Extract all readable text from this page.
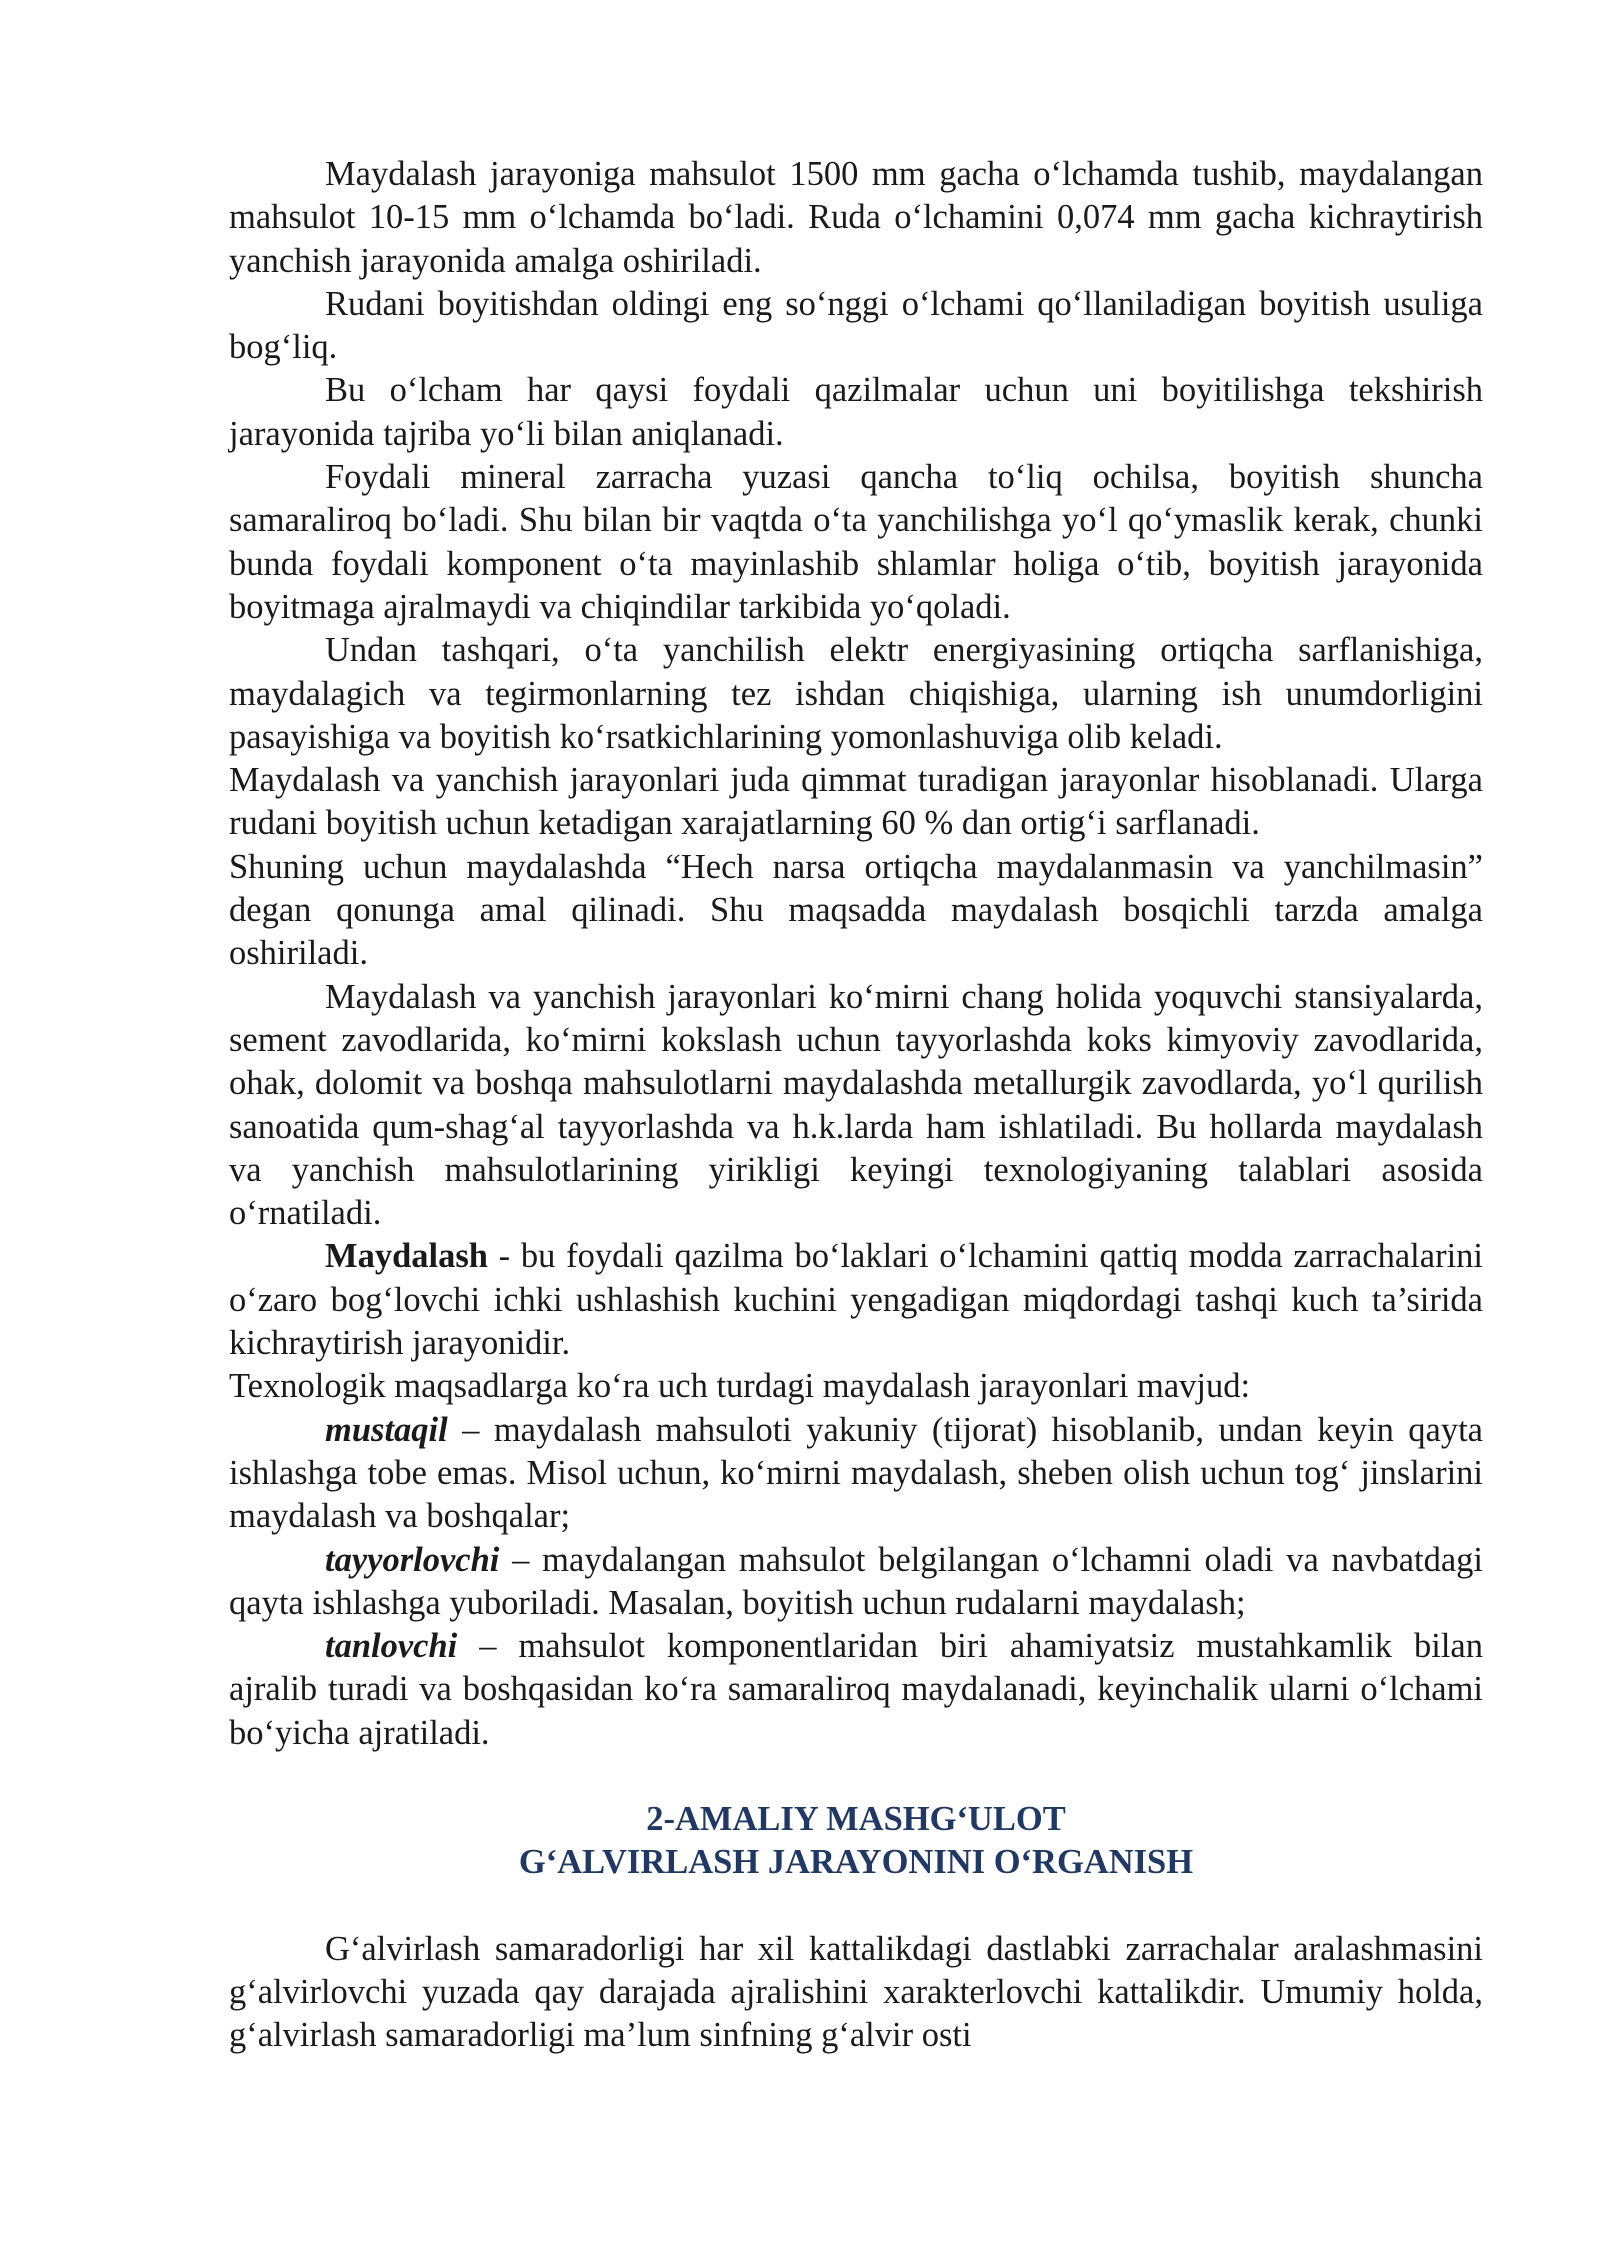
Maydalash jarayoniga mahsulot 1500 mm gacha oʻlchamda tushib, maydalangan mahsulot 10-15 mm oʻlchamda boʻladi. Ruda oʻlchamini 0,074 mm gacha kichraytirish yanchish jarayonida amalga oshiriladi.

Rudani boyitishdan oldingi eng soʻnggi oʻlchami qoʻllaniladigan boyitish usuliga bogʻliq.

Bu oʻlcham har qaysi foydali qazilmalar uchun uni boyitilishga tekshirish jarayonida tajriba yoʻli bilan aniqlanadi.

Foydali mineral zarracha yuzasi qancha toʻliq ochilsa, boyitish shuncha samaraliroq boʻladi. Shu bilan bir vaqtda oʻta yanchilishga yoʻl qoʻymaslik kerak, chunki bunda foydali komponent oʻta mayinlashib shlamlar holiga oʻtib, boyitish jarayonida boyitmaga ajralmaydi va chiqindilar tarkibida yoʻqoladi.

Undan tashqari, oʻta yanchilish elektr energiyasining ortiqcha sarflanishiga, maydalagich va tegirmonlarning tez ishdan chiqishiga, ularning ish unumdorligini pasayishiga va boyitish koʻrsatkichlarining yomonlashuviga olib keladi.

Maydalash va yanchish jarayonlari juda qimmat turadigan jarayonlar hisoblanadi. Ularga rudani boyitish uchun ketadigan xarajatlarning 60 % dan ortigʻi sarflanadi.

Shuning uchun maydalashda “Hech narsa ortiqcha maydalanmasin va yanchilmasin” degan qonunga amal qilinadi. Shu maqsadda maydalash bosqichli tarzda amalga oshiriladi.

Maydalash va yanchish jarayonlari koʻmirni chang holida yoquvchi stansiyalarda, sement zavodlarida, koʻmirni kokslash uchun tayyorlashda koks kimyoviy zavodlarida, ohak, dolomit va boshqa mahsulotlarni maydalashda metallurgik zavodlarda, yoʻl qurilish sanoatida qum-shagʻal tayyorlashda va h.k.larda ham ishlatiladi. Bu hollarda maydalash va yanchish mahsulotlarining yirikligi keyingi texnologiyaning talablari asosida oʻrnatiladi.

Maydalash - bu foydali qazilma boʻlaklari oʻlchamini qattiq modda zarrachalarini oʻzaro bogʻlovchi ichki ushlashish kuchini yengadigan miqdordagi tashqi kuch ta’sirida kichraytirish jarayonidir.

Texnologik maqsadlarga koʻra uch turdagi maydalash jarayonlari mavjud:

mustaqil – maydalash mahsuloti yakuniy (tijorat) hisoblanib, undan keyin qayta ishlashga tobe emas. Misol uchun, koʻmirni maydalash, sheben olish uchun togʻ jinslarini maydalash va boshqalar;

tayyorlovchi – maydalangan mahsulot belgilangan oʻlchamni oladi va navbatdagi qayta ishlashga yuboriladi. Masalan, boyitish uchun rudalarni maydalash;

tanlovchi – mahsulot komponentlaridan biri ahamiyatsiz mustahkamlik bilan ajralib turadi va boshqasidan koʻra samaraliroq maydalanadi, keyinchalik ularni oʻlchami boʻyicha ajratiladi.

2-AMALIY MASHGʻULOT
GʻALVIRLASH JARAYONINI OʻRGANISH

Gʻalvirlash samaradorligi har xil kattalikdagi dastlabki zarrachalar aralashmasini gʻalvirlovchi yuzada qay darajada ajralishini xarakterlovchi kattalikdir. Umumiy holda, gʻalvirlash samaradorligi ma’lum sinfning gʻalvir osti
